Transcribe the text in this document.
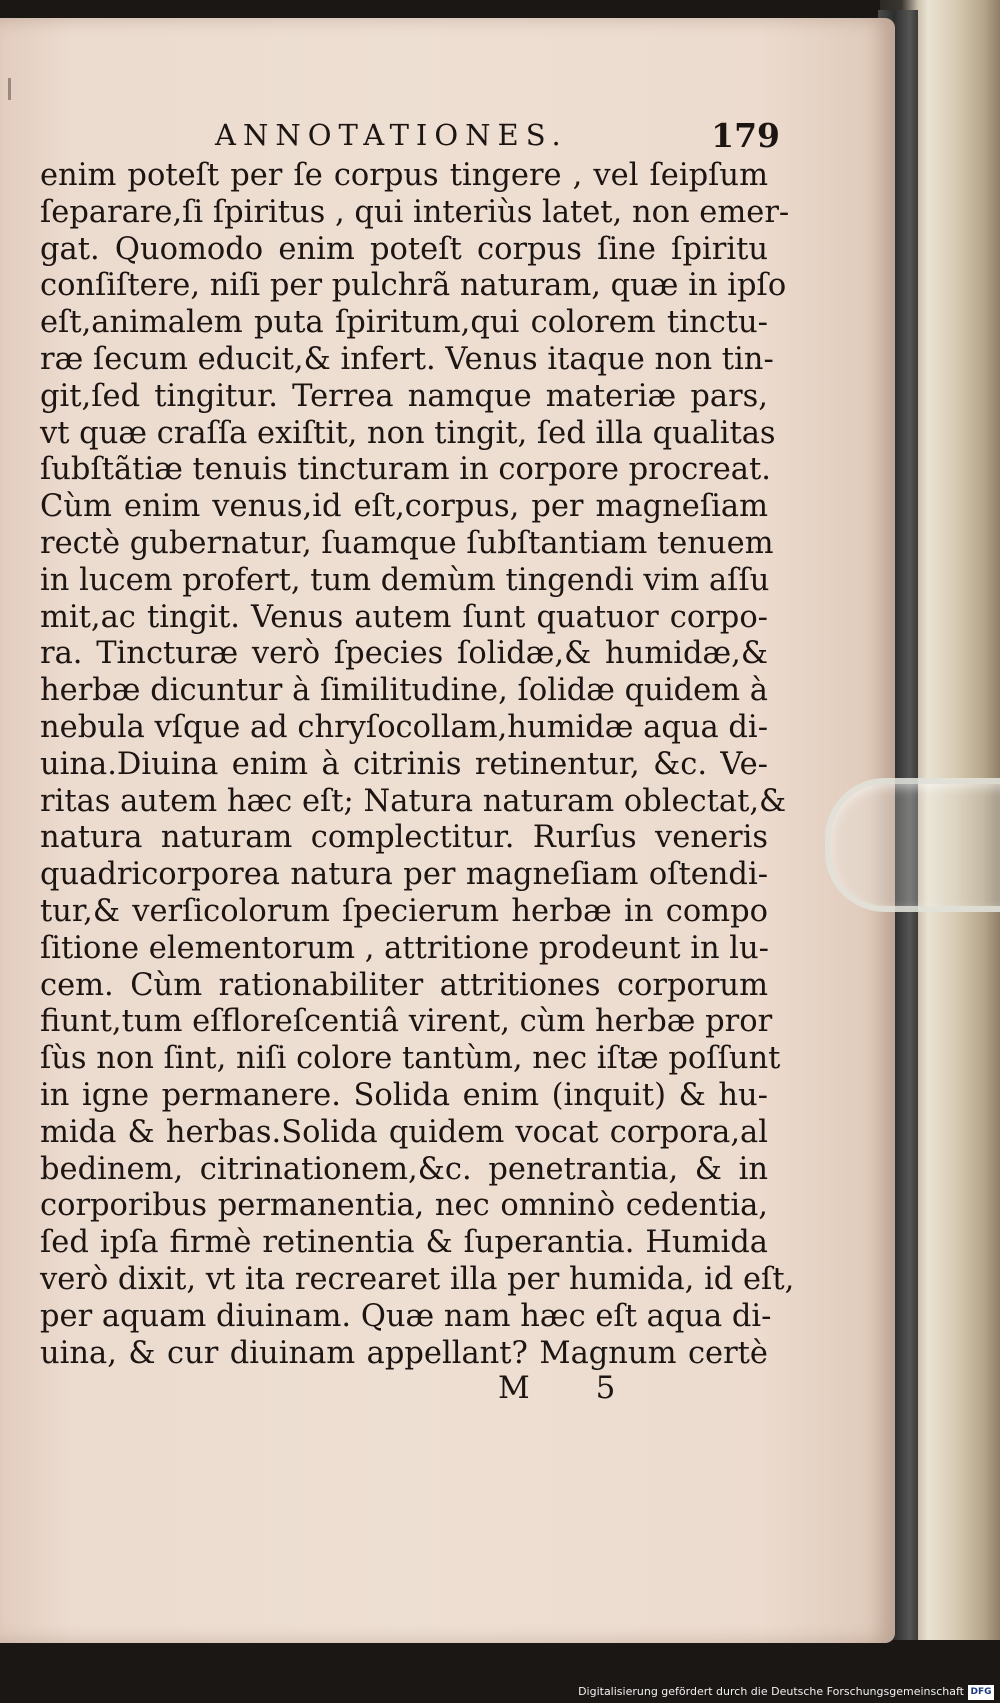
ANNOTATIONES.	179
enim poteſt per ſe corpus tingere , vel ſeipſum
ſeparare,ſi ſpiritus , qui interiùs latet, non emer-
gat. Quomodo enim poteſt corpus ſine ſpiritu
conſiſtere, niſi per pulchrã naturam, quæ in ipſo
eſt,animalem puta ſpiritum,qui colorem tinctu-
ræ ſecum educit,& infert. Venus itaque non tin-
git,ſed tingitur. Terrea namque materiæ pars,
vt quæ craſſa exiſtit, non tingit, ſed illa qualitas
ſubſtãtiæ tenuis tincturam in corpore procreat.
Cùm enim venus,id eſt,corpus, per magneſiam
rectè gubernatur, ſuamque ſubſtantiam tenuem
in lucem profert, tum demùm tingendi vim aſſu
mit,ac tingit. Venus autem ſunt quatuor corpo-
ra. Tincturæ verò ſpecies ſolidæ,& humidæ,&
herbæ dicuntur à ſimilitudine, ſolidæ quidem à
nebula vſque ad chryſocollam,humidæ aqua di-
uina.Diuina enim à citrinis retinentur, &c. Ve-
ritas autem hæc eſt; Natura naturam oblectat,&
natura naturam complectitur. Rurſus veneris
quadricorporea natura per magneſiam oſtendi-
tur,& verſicolorum ſpecierum herbæ in compo
ſitione elementorum , attritione prodeunt in lu-
cem. Cùm rationabiliter attritiones corporum
fiunt,tum eſfloreſcentiâ virent, cùm herbæ pror
ſùs non ſint, niſi colore tantùm, nec iſtæ poſſunt
in igne permanere. Solida enim (inquit) & hu-
mida & herbas.Solida quidem vocat corpora,al
bedinem, citrinationem,&c. penetrantia, & in
corporibus permanentia, nec omninò cedentia,
ſed ipſa firmè retinentia & ſuperantia. Humida
verò dixit, vt ita recrearet illa per humida, id eſt,
per aquam diuinam. Quæ nam hæc eſt aqua di-
uina, & cur diuinam appellant? Magnum certè
M 5
Digitalisierung gefördert durch die Deutsche Forschungsgemeinschaft DFG
